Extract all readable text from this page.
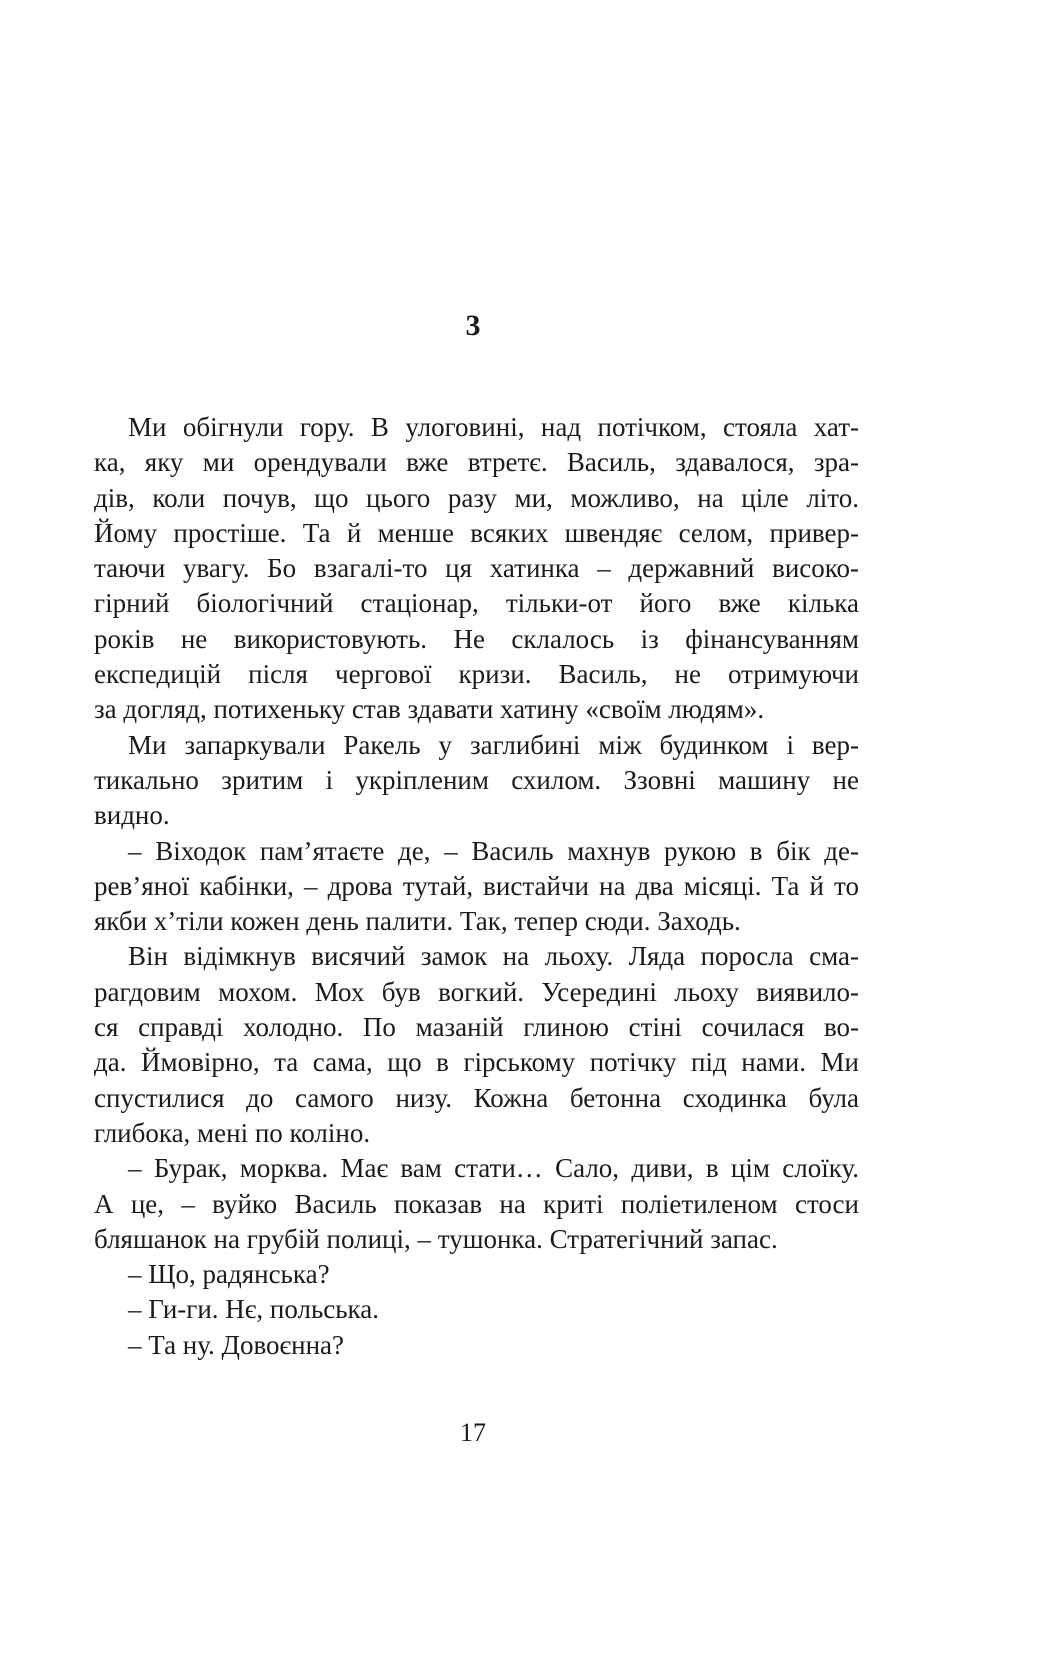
3
Ми обігнули гору. В улоговині, над потічком, стояла хат-
ка, яку ми орендували вже втретє. Василь, здавалося, зра-
дів, коли почув, що цього разу ми, можливо, на ціле літо.
Йому простіше. Та й менше всяких швендяє селом, привер-
таючи увагу. Бо взагалі-то ця хатинка – державний високо-
гірний біологічний стаціонар, тільки-от його вже кілька
років не використовують. Не склалось із фінансуванням
експедицій після чергової кризи. Василь, не отримуючи
за догляд, потихеньку став здавати хатину «своїм людям».
Ми запаркували Ракель у заглибині між будинком і вер-
тикально зритим і укріпленим схилом. Ззовні машину не
видно.
– Віходок пам’ятаєте де, – Василь махнув рукою в бік де-
рев’яної кабінки, – дрова тутай, вистайчи на два місяці. Та й то
якби х’тіли кожен день палити. Так, тепер сюди. Заходь.
Він відімкнув висячий замок на льоху. Ляда поросла сма-
рагдовим мохом. Мох був вогкий. Усередині льоху виявило-
ся справді холодно. По мазаній глиною стіні сочилася во-
да. Ймовірно, та сама, що в гірському потічку під нами. Ми
спустилися до самого низу. Кожна бетонна сходинка була
глибока, мені по коліно.
– Бурак, морква. Має вам стати… Сало, диви, в цім слоїку.
А це, – вуйко Василь показав на криті поліетиленом стоси
бляшанок на грубій полиці, – тушонка. Стратегічний запас.
– Що, радянська?
– Ги-ги. Нє, польська.
– Та ну. Довоєнна?
17
